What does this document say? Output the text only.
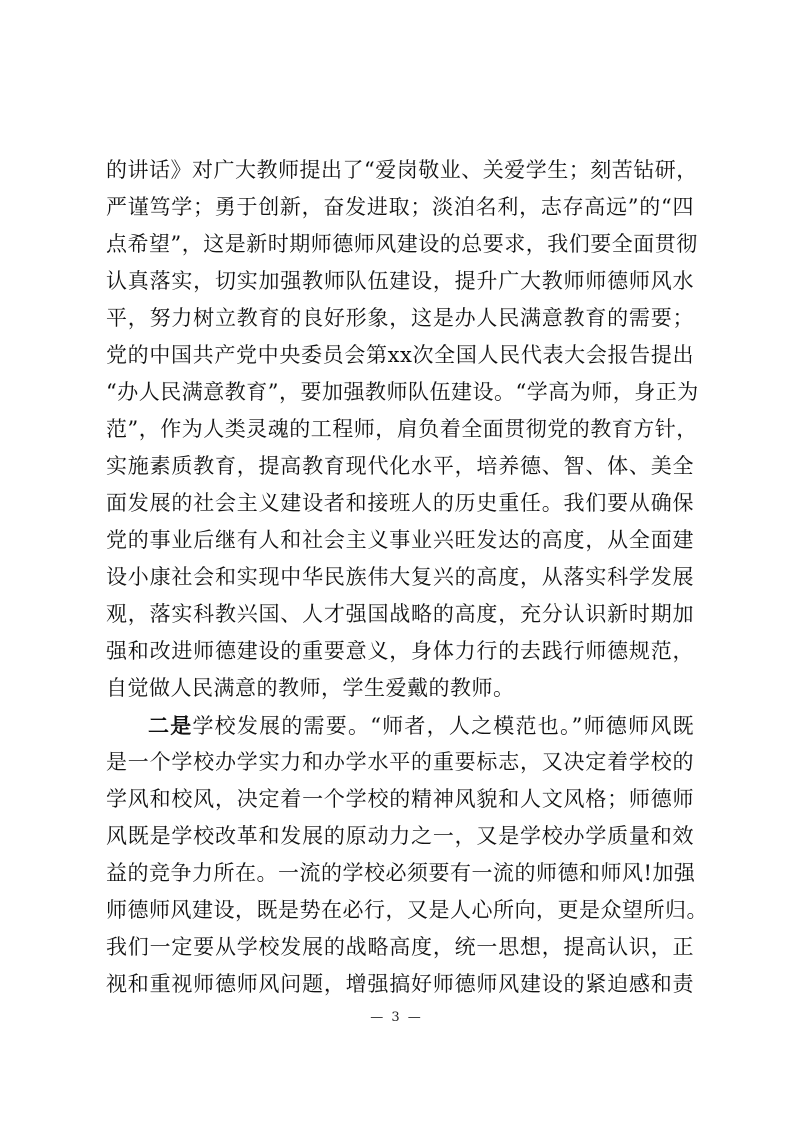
的讲话》对广大教师提出了“爱岗敬业、关爱学生；刻苦钻研，
严谨笃学；勇于创新，奋发进取；淡泊名利，志存高远”的“四
点希望”，这是新时期师德师风建设的总要求，我们要全面贯彻
认真落实，切实加强教师队伍建设，提升广大教师师德师风水
平，努力树立教育的良好形象，这是办人民满意教育的需要；
党的中国共产党中央委员会第xx次全国人民代表大会报告提出
“办人民满意教育”，要加强教师队伍建设。“学高为师，身正为
范”，作为人类灵魂的工程师，肩负着全面贯彻党的教育方针，
实施素质教育，提高教育现代化水平，培养德、智、体、美全
面发展的社会主义建设者和接班人的历史重任。我们要从确保
党的事业后继有人和社会主义事业兴旺发达的高度，从全面建
设小康社会和实现中华民族伟大复兴的高度，从落实科学发展
观，落实科教兴国、人才强国战略的高度，充分认识新时期加
强和改进师德建设的重要意义，身体力行的去践行师德规范，
自觉做人民满意的教师，学生爱戴的教师。
二是学校发展的需要。“师者，人之模范也。”师德师风既
是一个学校办学实力和办学水平的重要标志，又决定着学校的
学风和校风，决定着一个学校的精神风貌和人文风格；师德师
风既是学校改革和发展的原动力之一，又是学校办学质量和效
益的竞争力所在。一流的学校必须要有一流的师德和师风!加强
师德师风建设，既是势在必行，又是人心所向，更是众望所归。
我们一定要从学校发展的战略高度，统一思想，提高认识，正
视和重视师德师风问题，增强搞好师德师风建设的紧迫感和责
— 3 —
